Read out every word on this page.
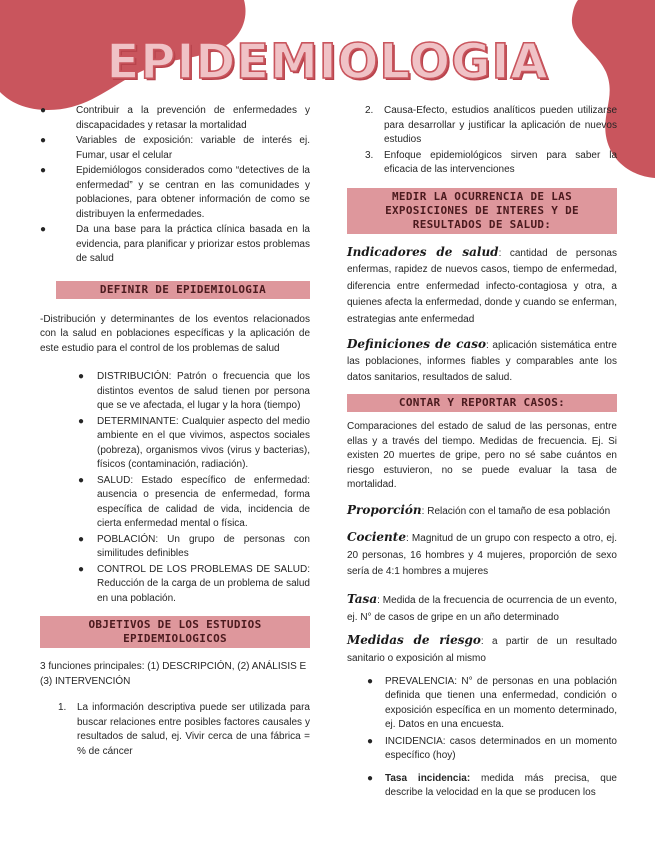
EPIDEMIOLOGIA
●	Contribuir a la prevención de enfermedades y discapacidades y retasar la mortalidad
●	Variables de exposición: variable de interés ej. Fumar, usar el celular
●	Epidemiólogos considerados como “detectives de la enfermedad” y se centran en las comunidades y poblaciones, para obtener información de como se distribuyen la enfermedades.
●	Da una base para la práctica clínica basada en la evidencia, para planificar y priorizar estos problemas de salud
DEFINIR DE EPIDEMIOLOGIA

-Distribución y determinantes de los eventos relacionados con la salud en poblaciones específicas y la aplicación de este estudio para el control de los problemas de salud

● DISTRIBUCIÓN: Patrón o frecuencia que los distintos eventos de salud tienen por persona que se ve afectada, el lugar y la hora (tiempo)
● DETERMINANTE: Cualquier aspecto del medio ambiente en el que vivimos, aspectos sociales (pobreza), organismos vivos (virus y bacterias), físicos (contaminación, radiación).
● SALUD: Estado específico de enfermedad: ausencia o presencia de enfermedad, forma específica de calidad de vida, incidencia de cierta enfermedad mental o física.
● POBLACIÓN: Un grupo de personas con similitudes definibles
● CONTROL DE LOS PROBLEMAS DE SALUD: Reducción de la carga de un problema de salud en una población.
OBJETIVOS DE LOS ESTUDIOS EPIDEMIOLOGICOS

3 funciones principales: (1) DESCRIPCIÓN, (2) ANÁLISIS E (3) INTERVENCIÓN

1. La información descriptiva puede ser utilizada para buscar relaciones entre posibles factores causales y resultados de salud, ej. Vivir cerca de una fábrica = % de cáncer
2. Causa-Efecto, estudios analíticos pueden utilizarse para desarrollar y justificar la aplicación de nuevos estudios
3. Enfoque epidemiológicos sirven para saber la eficacia de las intervenciones
MEDIR LA OCURRENCIA DE LAS EXPOSICIONES DE INTERES Y DE RESULTADOS DE SALUD:

Indicadores de salud: cantidad de personas enfermas, rapidez de nuevos casos, tiempo de enfermedad, diferencia entre enfermedad infecto-contagiosa y otra, a quienes afecta la enfermedad, donde y cuando se enferman, estrategias ante enfermedad

Definiciones de caso: aplicación sistemática entre las poblaciones, informes fiables y comparables ante los datos sanitarios, resultados de salud.

CONTAR Y REPORTAR CASOS:

Comparaciones del estado de salud de las personas, entre ellas y a través del tiempo. Medidas de frecuencia. Ej. Si existen 20 muertes de gripe, pero no sé sabe cuántos en riesgo estuvieron, no se puede evaluar la tasa de mortalidad.

Proporción: Relación con el tamaño de esa población

Cociente: Magnitud de un grupo con respecto a otro, ej. 20 personas, 16 hombres y 4 mujeres, proporción de sexo sería de 4:1 hombres a mujeres

Tasa: Medida de la frecuencia de ocurrencia de un evento, ej. N° de casos de gripe en un año determinado

Medidas de riesgo: a partir de un resultado sanitario o exposición al mismo

● PREVALENCIA: N° de personas en una población definida que tienen una enfermedad, condición o exposición específica en un momento determinado, ej. Datos en una encuesta.
● INCIDENCIA: casos determinados en un momento específico (hoy)
● Tasa incidencia: medida más precisa, que describe la velocidad en la que se producen los
